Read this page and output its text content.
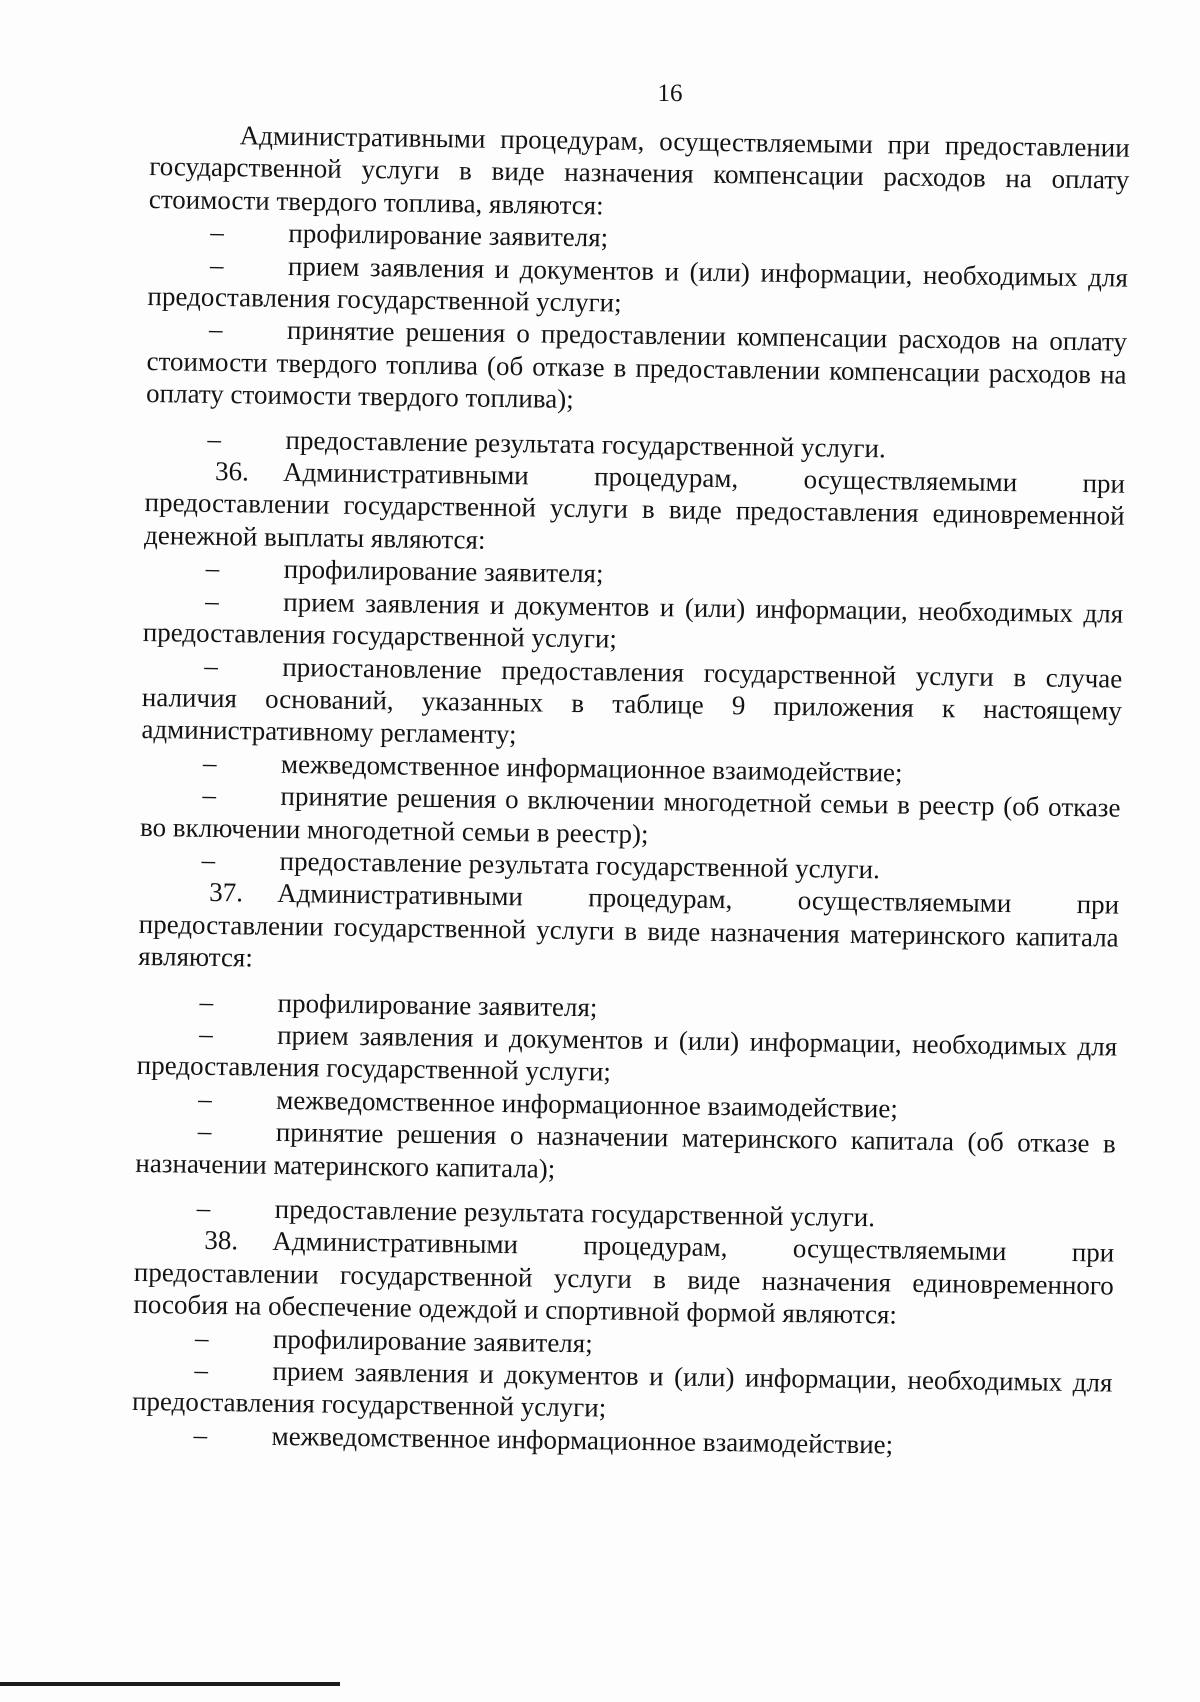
16

Административными процедурам, осуществляемыми при предоставлении государственной услуги в виде назначения компенсации расходов на оплату стоимости твердого топлива, являются:

– профилирование заявителя;
– прием заявления и документов и (или) информации, необходимых для предоставления государственной услуги;
– принятие решения о предоставлении компенсации расходов на оплату стоимости твердого топлива (об отказе в предоставлении компенсации расходов на оплату стоимости твердого топлива);
– предоставление результата государственной услуги.
36. Административными процедурам, осуществляемыми при предоставлении государственной услуги в виде предоставления единовременной денежной выплаты являются:
– профилирование заявителя;
– прием заявления и документов и (или) информации, необходимых для предоставления государственной услуги;
– приостановление предоставления государственной услуги в случае наличия оснований, указанных в таблице 9 приложения к настоящему административному регламенту;
– межведомственное информационное взаимодействие;
– принятие решения о включении многодетной семьи в реестр (об отказе во включении многодетной семьи в реестр);
– предоставление результата государственной услуги.
37. Административными процедурам, осуществляемыми при предоставлении государственной услуги в виде назначения материнского капитала являются:
– профилирование заявителя;
– прием заявления и документов и (или) информации, необходимых для предоставления государственной услуги;
– межведомственное информационное взаимодействие;
– принятие решения о назначении материнского капитала (об отказе в назначении материнского капитала);
– предоставление результата государственной услуги.
38. Административными процедурам, осуществляемыми при предоставлении государственной услуги в виде назначения единовременного пособия на обеспечение одеждой и спортивной формой являются:
– профилирование заявителя;
– прием заявления и документов и (или) информации, необходимых для предоставления государственной услуги;
– межведомственное информационное взаимодействие;
